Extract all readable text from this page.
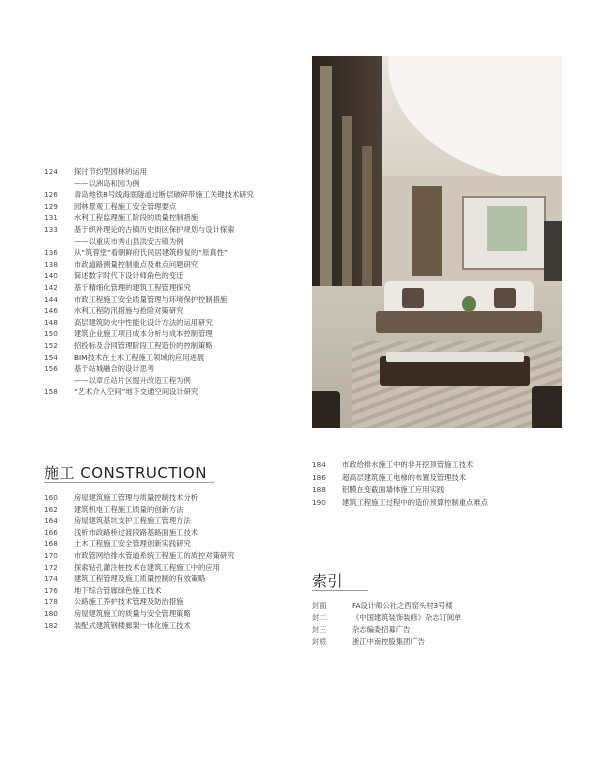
124 探讨节约型园林的运用
——以洲岛和园为例
126 青岛地铁8号线海底隧道过断层破碎带施工关键技术研究
129 园林景观工程施工安全管理要点
131 水利工程监理施工阶段的质量控制措施
133 基于织补理论的古镇历史街区保护规划与设计探索
——以重庆市秀山县洪安古镇为例
136 从“筑蓉堂”看朝鲜府氏民居建筑修复的“原真性”
138 市政道路测量控制重点及难点问题研究
140 简述数字时代下设计师角色的变迁
142 基于精细化管理的建筑工程管理探究
144 市政工程施工安全质量管理与环境保护控制措施
146 水利工程防汛措施与抢险对策研究
148 高层建筑防火中性能化设计方法的运用研究
150 建筑企业施工项目成本分析与成本控制管理
152 招投标及合同管理阶段工程造价的控制策略
154 BIM技术在土木工程施工领域的应用进展
156 基于站城融合的设计思考
——以章丘站片区提升改造工程为例
158 “艺术介入空间”地下交通空间设计研究
施工 CONSTRUCTION
160 房屋建筑施工管理与质量控制技术分析
162 建筑机电工程施工质量的创新方法
164 房屋建筑基坑支护工程施工管理方法
166 浅析市政路桥过渡段路基路面施工技术
168 土木工程施工安全管理创新实践研究
170 市政管网给排水管道系统工程施工的质控对策研究
172 探索钻孔灌注桩技术在建筑工程施工中的应用
174 建筑工程管理及施工质量控制的有效策略
176 地下综合管廊绿色施工技术
178 公路施工养护技术管理及防治措施
180 房屋建筑施工的质量与安全管理策略
182 装配式建筑钢楼廊架一体化施工技术
184 市政给排水施工中的非开挖顶管施工技术
186 超高层建筑施工电梯的布置及管理技术
188 铝膜在变截面墙体施工应用实践
190 建筑工程施工过程中的造价预算控制重点难点
索引
封面	FA设计师公社之西窑头村3号楼
封二	《中国建筑装饰装修》杂志订阅单
封三	杂志编委招募广告
封底	浙江中南控股集团广告
